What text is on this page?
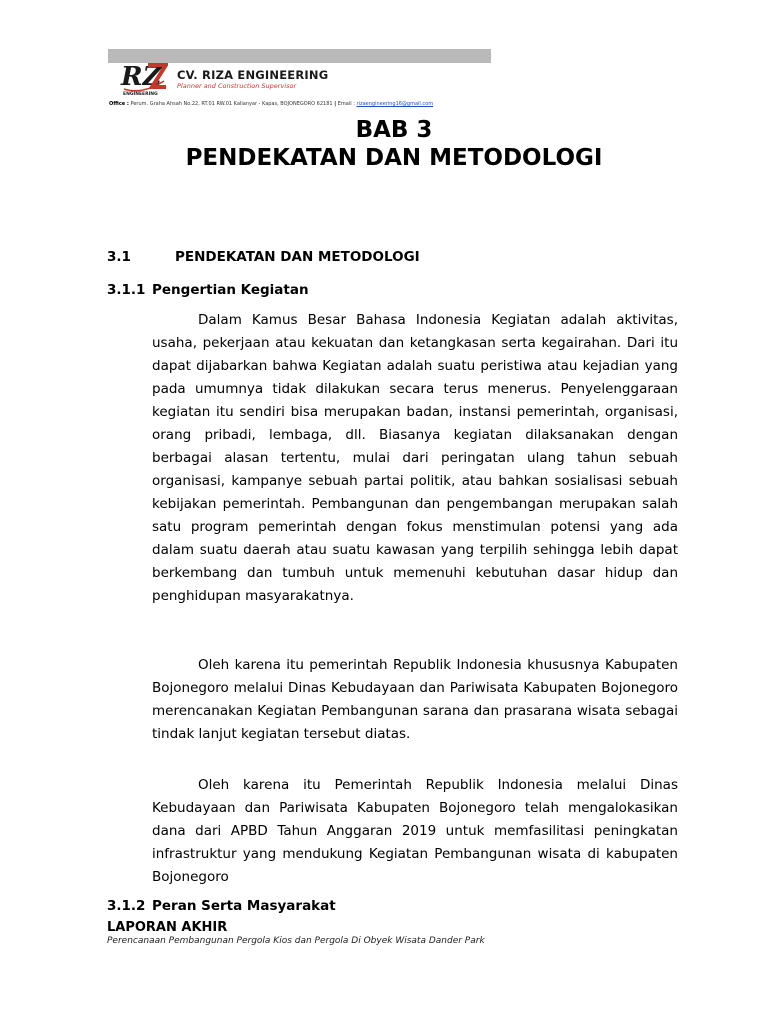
RZ
ENGINEERING
CV. RIZA ENGINEERING
Planner and Construction Supervisor
Office : Perum. Graha Ahsah No.22, RT.01 RW.01 Kalianyar - Kapas, BOJONEGORO 62181 | Email : rizaengineering16@gmail.com
BAB 3
PENDEKATAN DAN METODOLOGI
3.1	PENDEKATAN DAN METODOLOGI
3.1.1 Pengertian Kegiatan
Dalam Kamus Besar Bahasa Indonesia Kegiatan adalah aktivitas, usaha, pekerjaan atau kekuatan dan ketangkasan serta kegairahan. Dari itu dapat dijabarkan bahwa Kegiatan adalah suatu peristiwa atau kejadian yang pada umumnya tidak dilakukan secara terus menerus. Penyelenggaraan kegiatan itu sendiri bisa merupakan badan, instansi pemerintah, organisasi, orang pribadi, lembaga, dll. Biasanya kegiatan dilaksanakan dengan berbagai alasan tertentu, mulai dari peringatan ulang tahun sebuah organisasi, kampanye sebuah partai politik, atau bahkan sosialisasi sebuah kebijakan pemerintah. Pembangunan dan pengembangan merupakan salah satu program pemerintah dengan fokus menstimulan potensi yang ada dalam suatu daerah atau suatu kawasan yang terpilih sehingga lebih dapat berkembang dan tumbuh untuk memenuhi kebutuhan dasar hidup dan penghidupan masyarakatnya.
Oleh karena itu pemerintah Republik Indonesia khususnya Kabupaten Bojonegoro melalui Dinas Kebudayaan dan Pariwisata Kabupaten Bojonegoro merencanakan Kegiatan Pembangunan sarana dan prasarana wisata sebagai tindak lanjut kegiatan tersebut diatas.
Oleh karena itu Pemerintah Republik Indonesia melalui Dinas Kebudayaan dan Pariwisata Kabupaten Bojonegoro telah mengalokasikan dana dari APBD Tahun Anggaran 2019 untuk memfasilitasi peningkatan infrastruktur yang mendukung Kegiatan Pembangunan wisata di kabupaten Bojonegoro
3.1.2 Peran Serta Masyarakat
LAPORAN AKHIR
Perencanaan Pembangunan Pergola Kios dan Pergola Di Obyek Wisata Dander Park
